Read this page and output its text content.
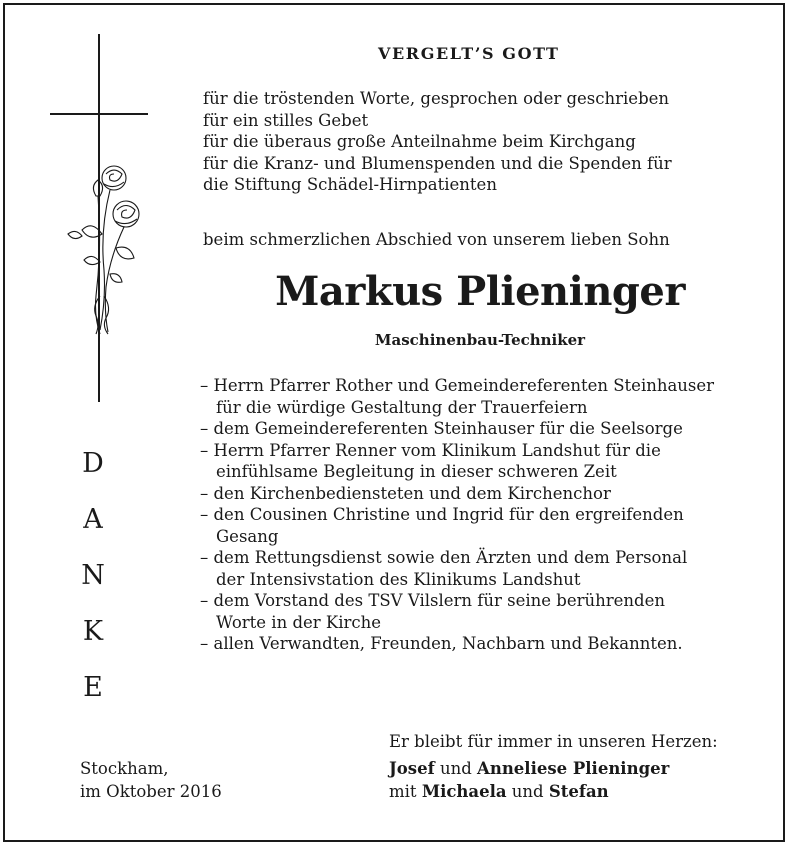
VERGELT’S GOTT
für die tröstenden Worte, gesprochen oder geschrieben
für ein stilles Gebet
für die überaus große Anteilnahme beim Kirchgang
für die Kranz- und Blumenspenden und die Spenden für
die Stiftung Schädel-Hirnpatienten
beim schmerzlichen Abschied von unserem lieben Sohn
Markus Plieninger
Maschinenbau-Techniker
D
A
N
K
E
– Herrn Pfarrer Rother und Gemeindereferenten Steinhauser
für die würdige Gestaltung der Trauerfeiern
– dem Gemeindereferenten Steinhauser für die Seelsorge
– Herrn Pfarrer Renner vom Klinikum Landshut für die
einfühlsame Begleitung in dieser schweren Zeit
– den Kirchenbediensteten und dem Kirchenchor
– den Cousinen Christine und Ingrid für den ergreifenden
Gesang
– dem Rettungsdienst sowie den Ärzten und dem Personal
der Intensivstation des Klinikums Landshut
– dem Vorstand des TSV Vilslern für seine berührenden
Worte in der Kirche
– allen Verwandten, Freunden, Nachbarn und Bekannten.
Er bleibt für immer in unseren Herzen:
Stockham,
im Oktober 2016
Josef und Anneliese Plieninger
mit Michaela und Stefan
